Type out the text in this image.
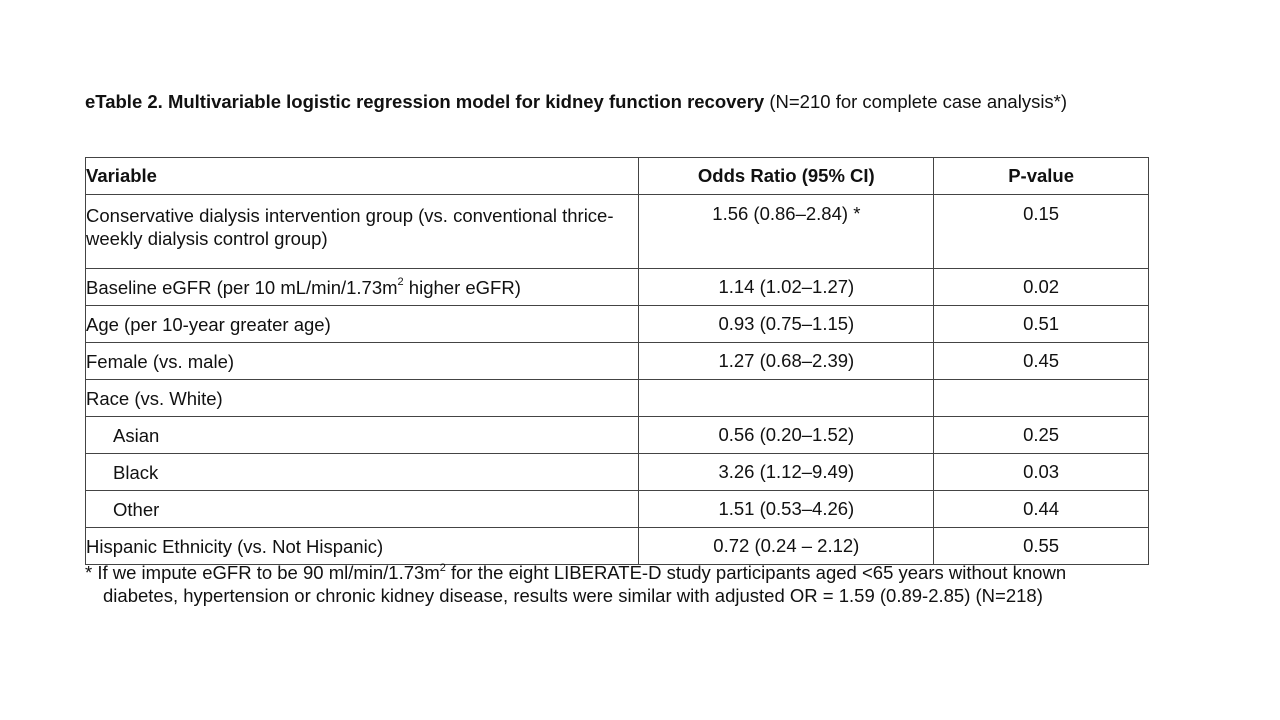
eTable 2. Multivariable logistic regression model for kidney function recovery (N=210 for complete case analysis*)
Variable	Odds Ratio (95% CI)	P-value
Conservative dialysis intervention group (vs. conventional thrice-weekly dialysis control group)	1.56 (0.86–2.84) *	0.15
Baseline eGFR (per 10 $mL/\min/1.73m^2$ higher eGFR)	1.14 (1.02–1.27)	0.02
Age (per 10-year greater age)	0.93 (0.75–1.15)	0.51
Female (vs. male)	1.27 (0.68–2.39)	0.45
Race (vs. White)		
Asian	0.56 (0.20–1.52)	0.25
Black	3.26 (1.12–9.49)	0.03
Other	1.51 (0.53–4.26)	0.44
Hispanic Ethnicity (vs. Not Hispanic)	0.72 (0.24 – 2.12)	0.55
* If we impute eGFR to be 90 $ml/\min/1.73m^2$ for the eight LIBERATE-D study participants aged <65 years without known
diabetes, hypertension or chronic kidney disease, results were similar with adjusted OR = 1.59 (0.89-2.85) (N=218)
